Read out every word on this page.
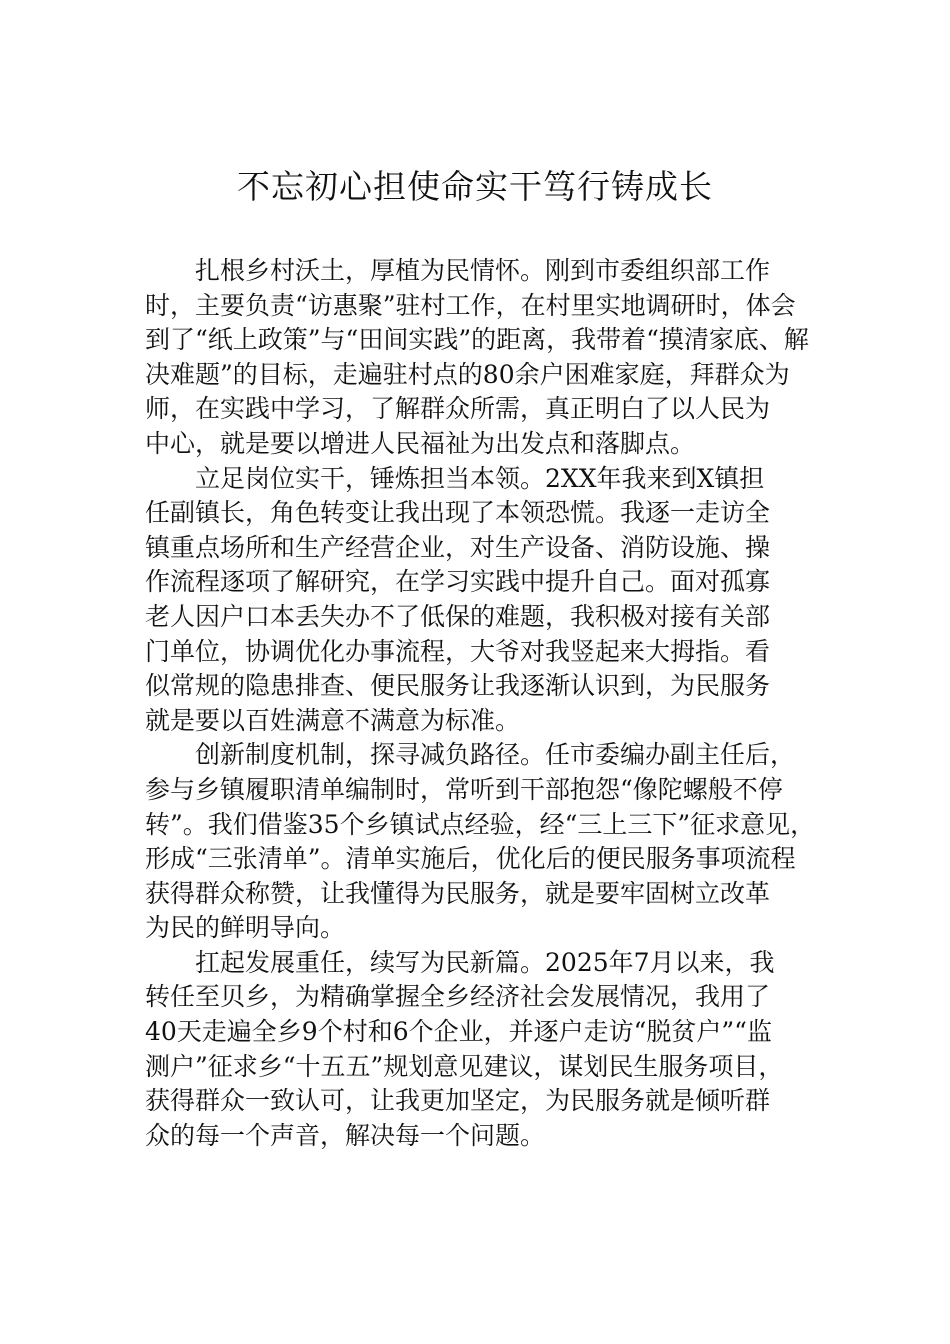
不忘初心担使命实干笃行铸成长
扎根乡村沃土，厚植为民情怀。刚到市委组织部工作
时，主要负责“访惠聚”驻村工作，在村里实地调研时，体会
到了“纸上政策”与“田间实践”的距离，我带着“摸清家底、解
决难题”的目标，走遍驻村点的80余户困难家庭，拜群众为
师，在实践中学习，了解群众所需，真正明白了以人民为
中心，就是要以增进人民福祉为出发点和落脚点。
立足岗位实干，锤炼担当本领。2XX年我来到X镇担
任副镇长，角色转变让我出现了本领恐慌。我逐一走访全
镇重点场所和生产经营企业，对生产设备、消防设施、操
作流程逐项了解研究，在学习实践中提升自己。面对孤寡
老人因户口本丢失办不了低保的难题，我积极对接有关部
门单位，协调优化办事流程，大爷对我竖起来大拇指。看
似常规的隐患排查、便民服务让我逐渐认识到，为民服务
就是要以百姓满意不满意为标准。
创新制度机制，探寻减负路径。任市委编办副主任后，
参与乡镇履职清单编制时，常听到干部抱怨“像陀螺般不停
转”。我们借鉴35个乡镇试点经验，经“三上三下”征求意见，
形成“三张清单”。清单实施后，优化后的便民服务事项流程
获得群众称赞，让我懂得为民服务，就是要牢固树立改革
为民的鲜明导向。
扛起发展重任，续写为民新篇。2025年7月以来，我
转任至贝乡，为精确掌握全乡经济社会发展情况，我用了
40天走遍全乡9个村和6个企业，并逐户走访“脱贫户”“监
测户”征求乡“十五五”规划意见建议，谋划民生服务项目，
获得群众一致认可，让我更加坚定，为民服务就是倾听群
众的每一个声音，解决每一个问题。
